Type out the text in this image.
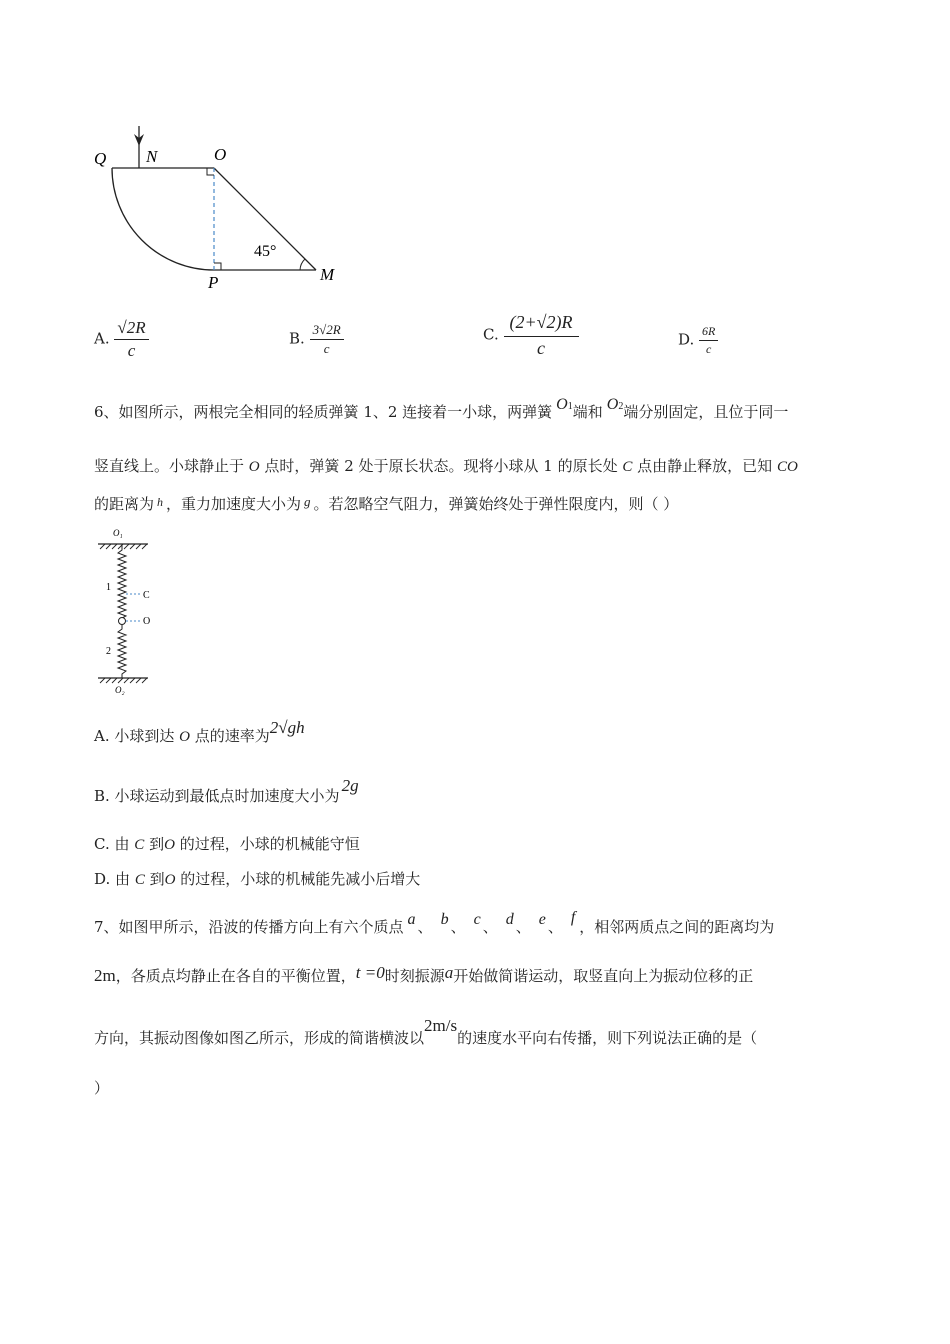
Q N	O
P	M
45°
A. $\frac{√2R}{c}$	B. $\frac{3√2R}{c}$	C. $\frac{(2+√2)R}{c}$	D. $\frac{6R}{c}$
6、如图所示，两根完全相同的轻质弹簧 1、2 连接着一小球，两弹簧 O1端和 O2端分别固定，且位于同一
竖直线上。小球静止于 O 点时，弹簧 2 处于原长状态。现将小球从 1 的原长处 C 点由静止释放，已知 CO
的距离为 $^h$ ，重力加速度大小为 g 。若忽略空气阻力，弹簧始终处于弹性限度内，则（ ）
O₁
1
C
O
2
O₂
A. 小球到达 O 点的速率为2√gh
B. 小球运动到最低点时加速度大小为2g
C. 由 C 到O 的过程，小球的机械能守恒
D. 由 C 到O 的过程，小球的机械能先减小后增大
7、如图甲所示，沿波的传播方向上有六个质点 a 、 b 、 c 、 d 、 e 、f，相邻两质点之间的距离均为
2m，各质点均静止在各自的平衡位置，t =0时刻振源a开始做简谐运动，取竖直向上为振动位移的正
方向，其振动图像如图乙所示，形成的简谐横波以2m/s的速度水平向右传播，则下列说法正确的是（
）
